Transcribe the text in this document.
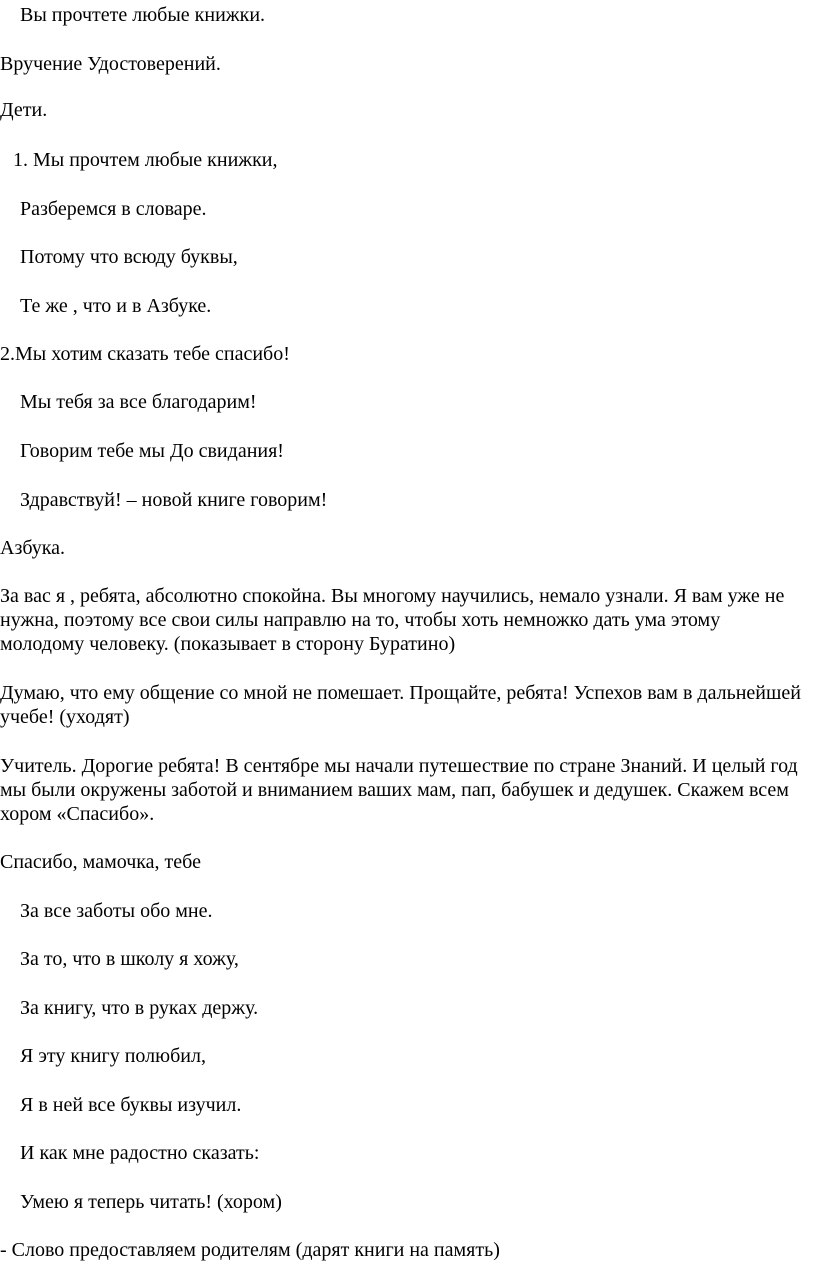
Вы прочтете любые книжки.
Вручение Удостоверений.
Дети.
1. Мы прочтем любые книжки,
Разберемся в словаре.
Потому что всюду буквы,
Те же , что и в Азбуке.
2.Мы хотим сказать тебе спасибо!
Мы тебя за все благодарим!
Говорим тебе мы До свидания!
Здравствуй! – новой книге говорим!
Азбука.

За вас я , ребята, абсолютно спокойна. Вы многому научились, немало узнали. Я вам уже не нужна, поэтому все свои силы направлю на то, чтобы хоть немножко дать ума этому молодому человеку. (показывает в сторону Буратино)

Думаю, что ему общение со мной не помешает. Прощайте, ребята! Успехов вам в дальнейшей учебе! (уходят)

Учитель. Дорогие ребята! В сентябре мы начали путешествие по стране Знаний. И целый год мы были окружены заботой и вниманием ваших мам, пап, бабушек и дедушек. Скажем всем хором «Спасибо».

Спасибо, мамочка, тебе
За все заботы обо мне.
За то, что в школу я хожу,
За книгу, что в руках держу.
Я эту книгу полюбил,
Я в ней все буквы изучил.
И как мне радостно сказать:
Умею я теперь читать! (хором)
- Слово предоставляем родителям (дарят книги на память)
